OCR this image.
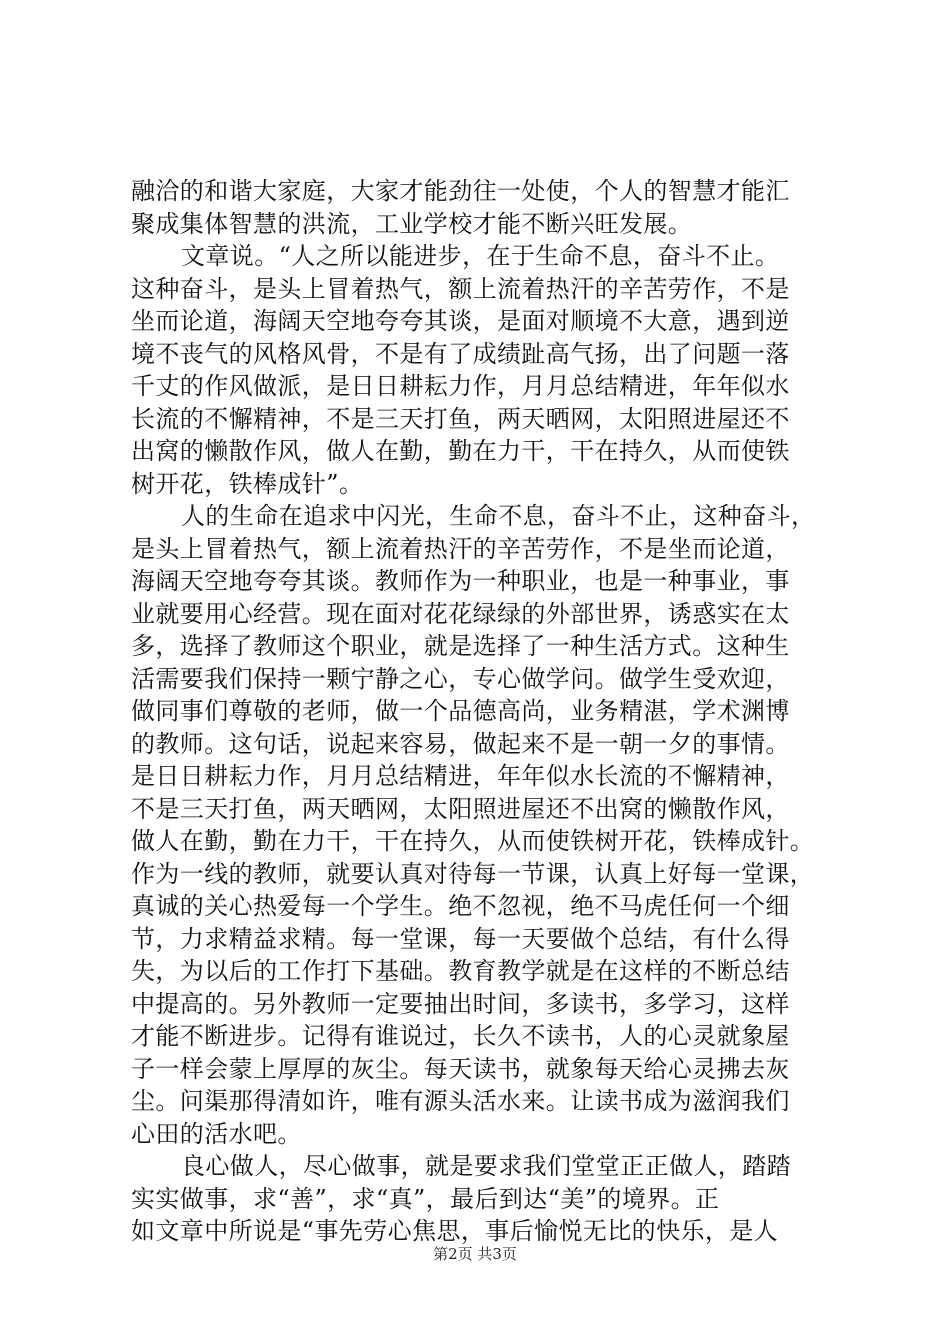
融洽的和谐大家庭，大家才能劲往一处使，个人的智慧才能汇
聚成集体智慧的洪流，工业学校才能不断兴旺发展。
文章说。“人之所以能进步，在于生命不息，奋斗不止。
这种奋斗，是头上冒着热气，额上流着热汗的辛苦劳作，不是
坐而论道，海阔天空地夸夸其谈，是面对顺境不大意，遇到逆
境不丧气的风格风骨，不是有了成绩趾高气扬，出了问题一落
千丈的作风做派，是日日耕耘力作，月月总结精进，年年似水
长流的不懈精神，不是三天打鱼，两天晒网，太阳照进屋还不
出窝的懒散作风，做人在勤，勤在力干，干在持久，从而使铁
树开花，铁棒成针”。
人的生命在追求中闪光，生命不息，奋斗不止，这种奋斗，
是头上冒着热气，额上流着热汗的辛苦劳作，不是坐而论道，
海阔天空地夸夸其谈。教师作为一种职业，也是一种事业，事
业就要用心经营。现在面对花花绿绿的外部世界，诱惑实在太
多，选择了教师这个职业，就是选择了一种生活方式。这种生
活需要我们保持一颗宁静之心，专心做学问。做学生受欢迎，
做同事们尊敬的老师，做一个品德高尚，业务精湛，学术渊博
的教师。这句话，说起来容易，做起来不是一朝一夕的事情。
是日日耕耘力作，月月总结精进，年年似水长流的不懈精神，
不是三天打鱼，两天晒网，太阳照进屋还不出窝的懒散作风，
做人在勤，勤在力干，干在持久，从而使铁树开花，铁棒成针。
作为一线的教师，就要认真对待每一节课，认真上好每一堂课，
真诚的关心热爱每一个学生。绝不忽视，绝不马虎任何一个细
节，力求精益求精。每一堂课，每一天要做个总结，有什么得
失，为以后的工作打下基础。教育教学就是在这样的不断总结
中提高的。另外教师一定要抽出时间，多读书，多学习，这样
才能不断进步。记得有谁说过，长久不读书，人的心灵就象屋
子一样会蒙上厚厚的灰尘。每天读书，就象每天给心灵拂去灰
尘。问渠那得清如许，唯有源头活水来。让读书成为滋润我们
心田的活水吧。
良心做人，尽心做事，就是要求我们堂堂正正做人，踏踏
实实做事，求“善”，求“真”，最后到达“美”的境界。正
如文章中所说是“事先劳心焦思，事后愉悦无比的快乐，是人
第2页 共3页
